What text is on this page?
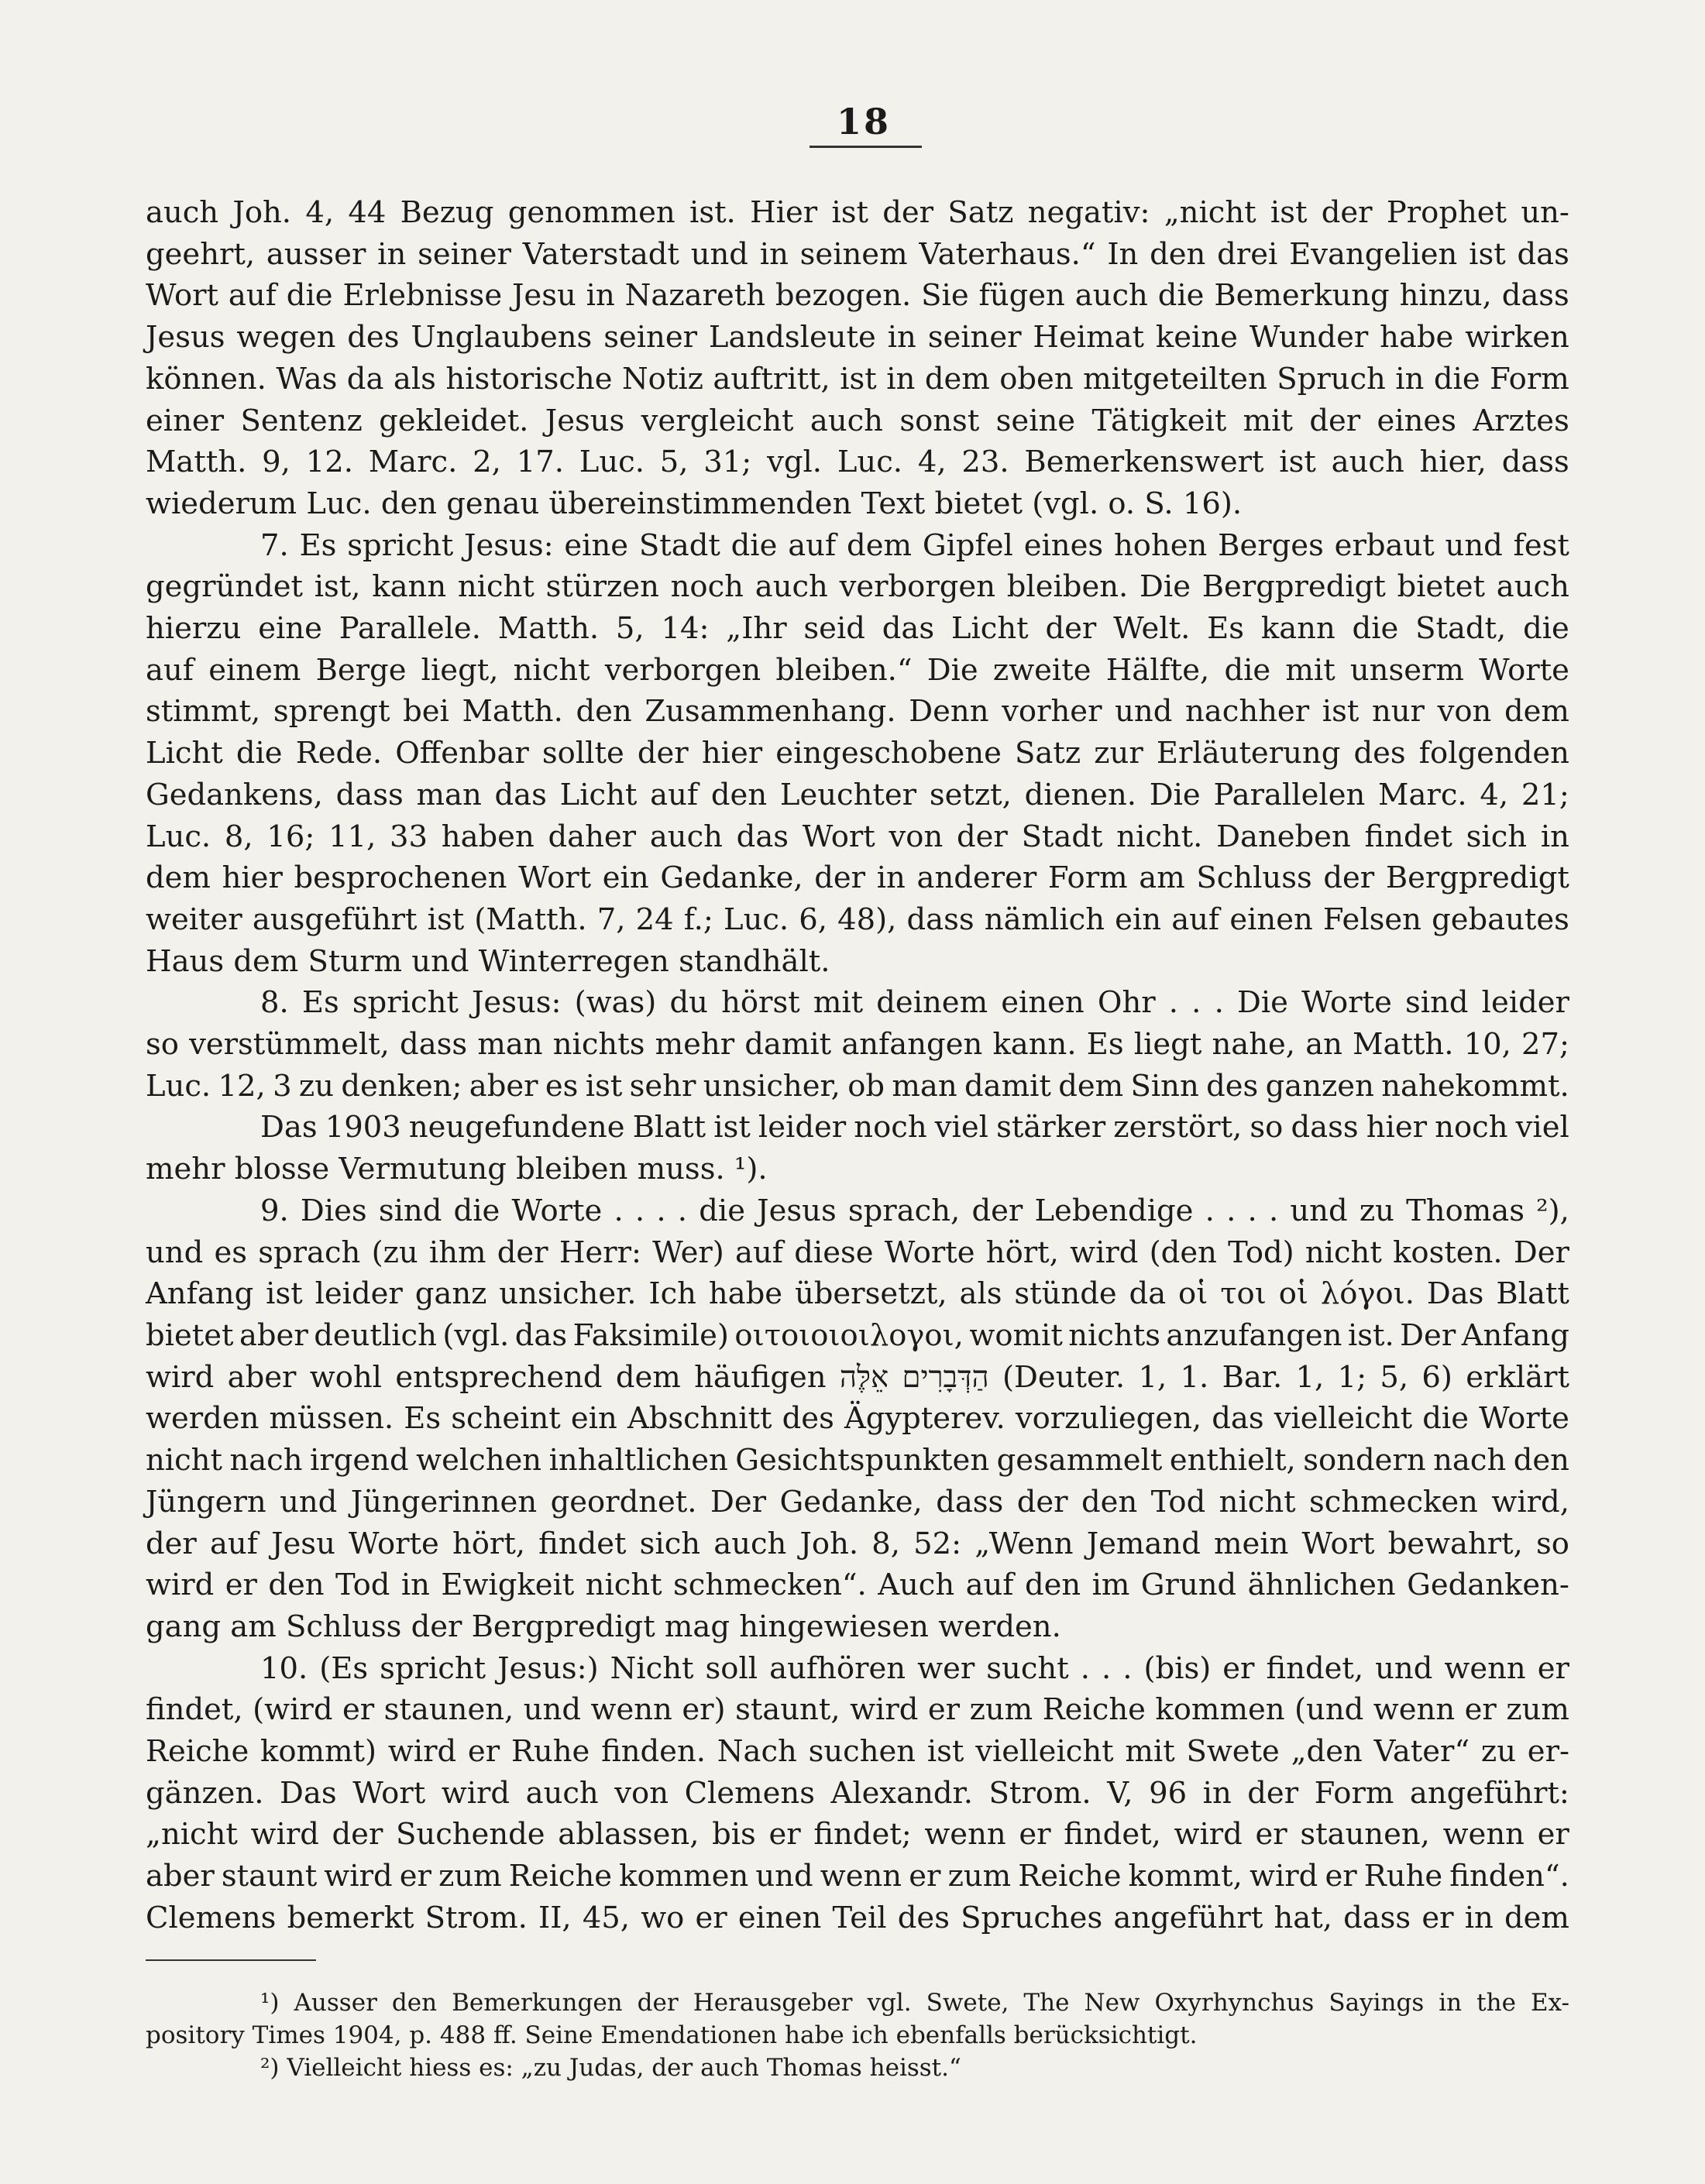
18
auch Joh. 4, 44 Bezug genommen ist. Hier ist der Satz negativ: „nicht ist der Prophet un-
geehrt, ausser in seiner Vaterstadt und in seinem Vaterhaus.“ In den drei Evangelien ist das
Wort auf die Erlebnisse Jesu in Nazareth bezogen. Sie fügen auch die Bemerkung hinzu, dass
Jesus wegen des Unglaubens seiner Landsleute in seiner Heimat keine Wunder habe wirken
können. Was da als historische Notiz auftritt, ist in dem oben mitgeteilten Spruch in die Form
einer Sentenz gekleidet. Jesus vergleicht auch sonst seine Tätigkeit mit der eines Arztes
Matth. 9, 12. Marc. 2, 17. Luc. 5, 31; vgl. Luc. 4, 23. Bemerkenswert ist auch hier, dass
wiederum Luc. den genau übereinstimmenden Text bietet (vgl. o. S. 16).
7. Es spricht Jesus: eine Stadt die auf dem Gipfel eines hohen Berges erbaut und fest
gegründet ist, kann nicht stürzen noch auch verborgen bleiben. Die Bergpredigt bietet auch
hierzu eine Parallele. Matth. 5, 14: „Ihr seid das Licht der Welt. Es kann die Stadt, die
auf einem Berge liegt, nicht verborgen bleiben.“ Die zweite Hälfte, die mit unserm Worte
stimmt, sprengt bei Matth. den Zusammenhang. Denn vorher und nachher ist nur von dem
Licht die Rede. Offenbar sollte der hier eingeschobene Satz zur Erläuterung des folgenden
Gedankens, dass man das Licht auf den Leuchter setzt, dienen. Die Parallelen Marc. 4, 21;
Luc. 8, 16; 11, 33 haben daher auch das Wort von der Stadt nicht. Daneben findet sich in
dem hier besprochenen Wort ein Gedanke, der in anderer Form am Schluss der Bergpredigt
weiter ausgeführt ist (Matth. 7, 24 f.; Luc. 6, 48), dass nämlich ein auf einen Felsen gebautes
Haus dem Sturm und Winterregen standhält.
8. Es spricht Jesus: (was) du hörst mit deinem einen Ohr . . . Die Worte sind leider
so verstümmelt, dass man nichts mehr damit anfangen kann. Es liegt nahe, an Matth. 10, 27;
Luc. 12, 3 zu denken; aber es ist sehr unsicher, ob man damit dem Sinn des ganzen nahekommt.
Das 1903 neugefundene Blatt ist leider noch viel stärker zerstört, so dass hier noch viel
mehr blosse Vermutung bleiben muss. ¹).
9. Dies sind die Worte . . . . die Jesus sprach, der Lebendige . . . . und zu Thomas ²),
und es sprach (zu ihm der Herr: Wer) auf diese Worte hört, wird (den Tod) nicht kosten. Der
Anfang ist leider ganz unsicher. Ich habe übersetzt, als stünde da οἱ τοι οἱ λόγοι. Das Blatt
bietet aber deutlich (vgl. das Faksimile) οιτοιοιοιλογοι, womit nichts anzufangen ist. Der Anfang
wird aber wohl entsprechend dem häufigen אֵלֶּה הַדְּבָרִים (Deuter. 1, 1. Bar. 1, 1; 5, 6) erklärt
werden müssen. Es scheint ein Abschnitt des Ägypterev. vorzuliegen, das vielleicht die Worte
nicht nach irgend welchen inhaltlichen Gesichtspunkten gesammelt enthielt, sondern nach den
Jüngern und Jüngerinnen geordnet. Der Gedanke, dass der den Tod nicht schmecken wird,
der auf Jesu Worte hört, findet sich auch Joh. 8, 52: „Wenn Jemand mein Wort bewahrt, so
wird er den Tod in Ewigkeit nicht schmecken“. Auch auf den im Grund ähnlichen Gedanken-
gang am Schluss der Bergpredigt mag hingewiesen werden.
10. (Es spricht Jesus:) Nicht soll aufhören wer sucht . . . (bis) er findet, und wenn er
findet, (wird er staunen, und wenn er) staunt, wird er zum Reiche kommen (und wenn er zum
Reiche kommt) wird er Ruhe finden. Nach suchen ist vielleicht mit Swete „den Vater“ zu er-
gänzen. Das Wort wird auch von Clemens Alexandr. Strom. V, 96 in der Form angeführt:
„nicht wird der Suchende ablassen, bis er findet; wenn er findet, wird er staunen, wenn er
aber staunt wird er zum Reiche kommen und wenn er zum Reiche kommt, wird er Ruhe finden“.
Clemens bemerkt Strom. II, 45, wo er einen Teil des Spruches angeführt hat, dass er in dem
¹) Ausser den Bemerkungen der Herausgeber vgl. Swete, The New Oxyrhynchus Sayings in the Ex-
pository Times 1904, p. 488 ff. Seine Emendationen habe ich ebenfalls berücksichtigt.
²) Vielleicht hiess es: „zu Judas, der auch Thomas heisst.“
